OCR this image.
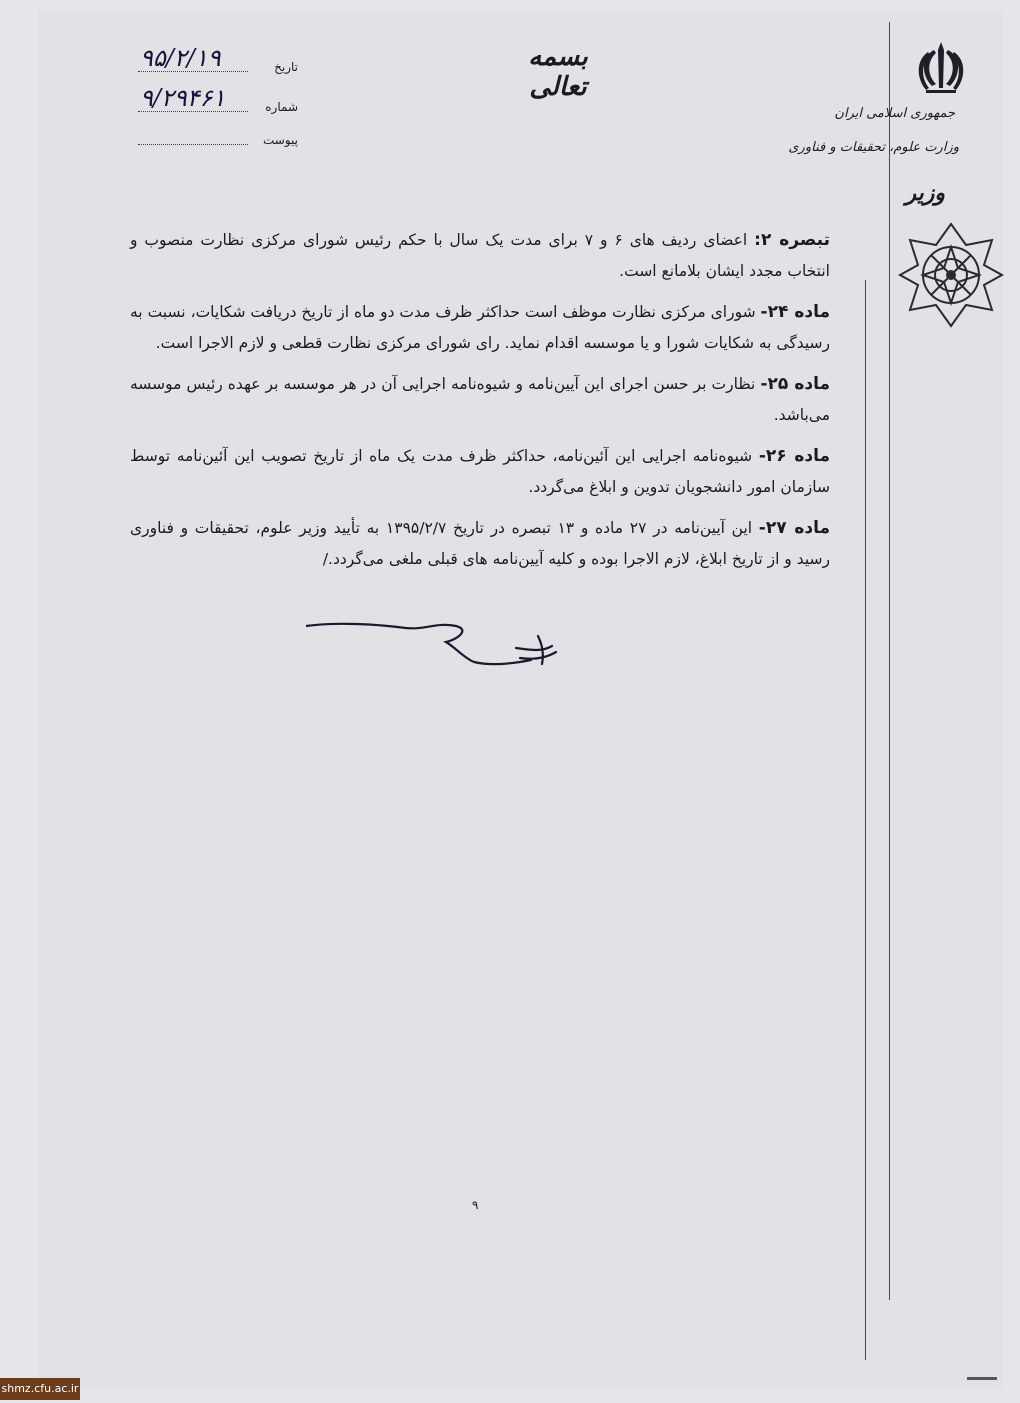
جمهوری اسلامی ایران
وزارت علوم، تحقیقات و فناوری
وزیر
بسمه تعالی
تاریخ
۹۵/۲/۱۹
شماره
۹/۲۹۴۶۱
پیوست

تبصره ۲: اعضای ردیف های ۶ و ۷ برای مدت یک سال با حکم رئیس شورای مرکزی نظارت منصوب و انتخاب مجدد ایشان بلامانع است.

ماده ۲۴- شورای مرکزی نظارت موظف است حداکثر ظرف مدت دو ماه از تاریخ دریافت شکایات، نسبت به رسیدگی به شکایات شورا و یا موسسه اقدام نماید. رای شورای مرکزی نظارت قطعی و لازم الاجرا است.

ماده ۲۵- نظارت بر حسن اجرای این آیین‌نامه و شیوه‌نامه اجرایی آن در هر موسسه بر عهده رئیس موسسه می‌باشد.

ماده ۲۶- شیوه‌نامه اجرایی این آئین‌نامه، حداکثر ظرف مدت یک ماه از تاریخ تصویب این آئین‌نامه توسط سازمان امور دانشجویان تدوین و ابلاغ می‌گردد.

ماده ۲۷- این آیین‌نامه در ۲۷ ماده و ۱۳ تبصره در تاریخ ۱۳۹۵/۲/۷ به تأیید وزیر علوم، تحقیقات و فناوری رسید و از تاریخ ابلاغ، لازم الاجرا بوده و کلیه آیین‌نامه های قبلی ملغی می‌گردد./

۹
shmz.cfu.ac.ir
